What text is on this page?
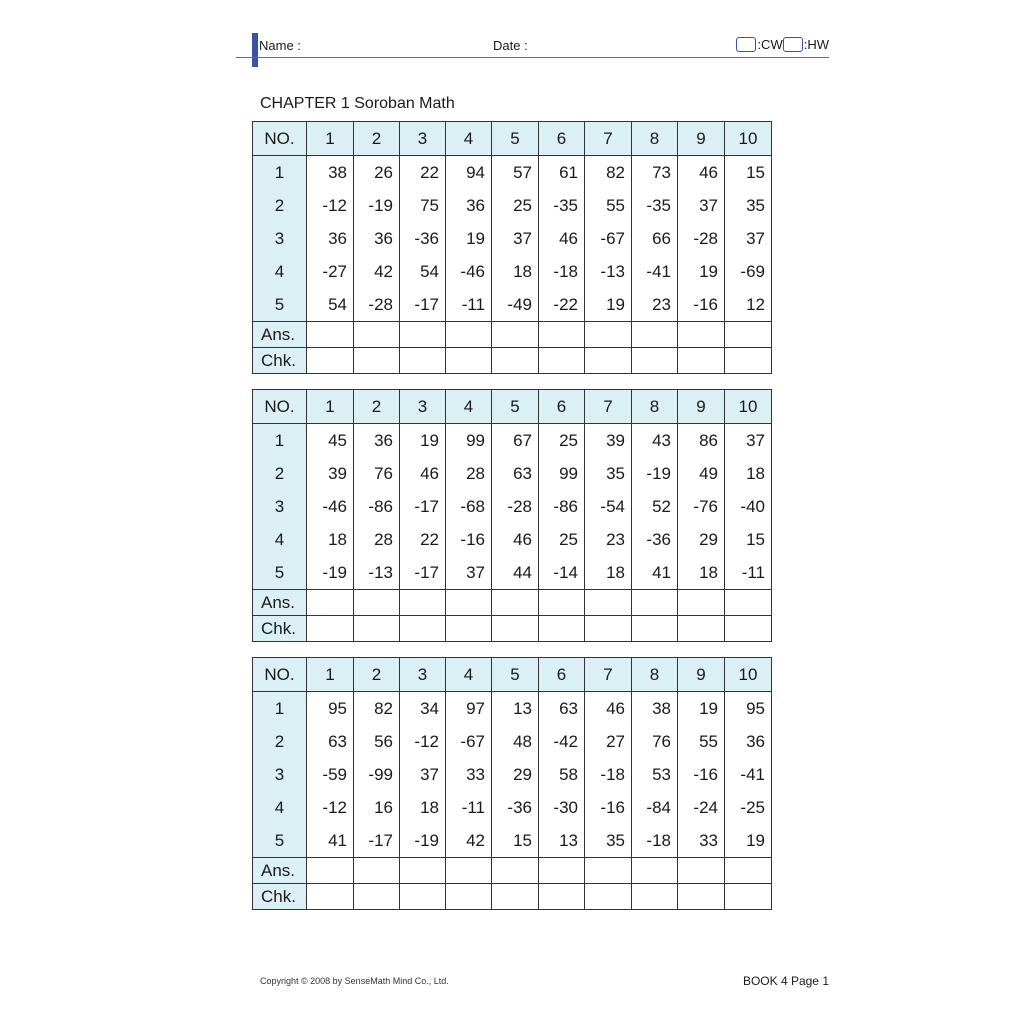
Name :	Date :	:CW :HW
CHAPTER 1 Soroban Math
NO.	1	2	3	4	5	6	7	8	9	10
1	38	26	22	94	57	61	82	73	46	15
2	-12	-19	75	36	25	-35	55	-35	37	35
3	36	36	-36	19	37	46	-67	66	-28	37
4	-27	42	54	-46	18	-18	-13	-41	19	-69
5	54	-28	-17	-11	-49	-22	19	23	-16	12
Ans.										
Chk.										
NO.	1	2	3	4	5	6	7	8	9	10
1	45	36	19	99	67	25	39	43	86	37
2	39	76	46	28	63	99	35	-19	49	18
3	-46	-86	-17	-68	-28	-86	-54	52	-76	-40
4	18	28	22	-16	46	25	23	-36	29	15
5	-19	-13	-17	37	44	-14	18	41	18	-11
Ans.										
Chk.										
NO.	1	2	3	4	5	6	7	8	9	10
1	95	82	34	97	13	63	46	38	19	95
2	63	56	-12	-67	48	-42	27	76	55	36
3	-59	-99	37	33	29	58	-18	53	-16	-41
4	-12	16	18	-11	-36	-30	-16	-84	-24	-25
5	41	-17	-19	42	15	13	35	-18	33	19
Ans.										
Chk.										
Copyright © 2008 by SenseMath Mind Co., Ltd.	BOOK 4 Page 1
